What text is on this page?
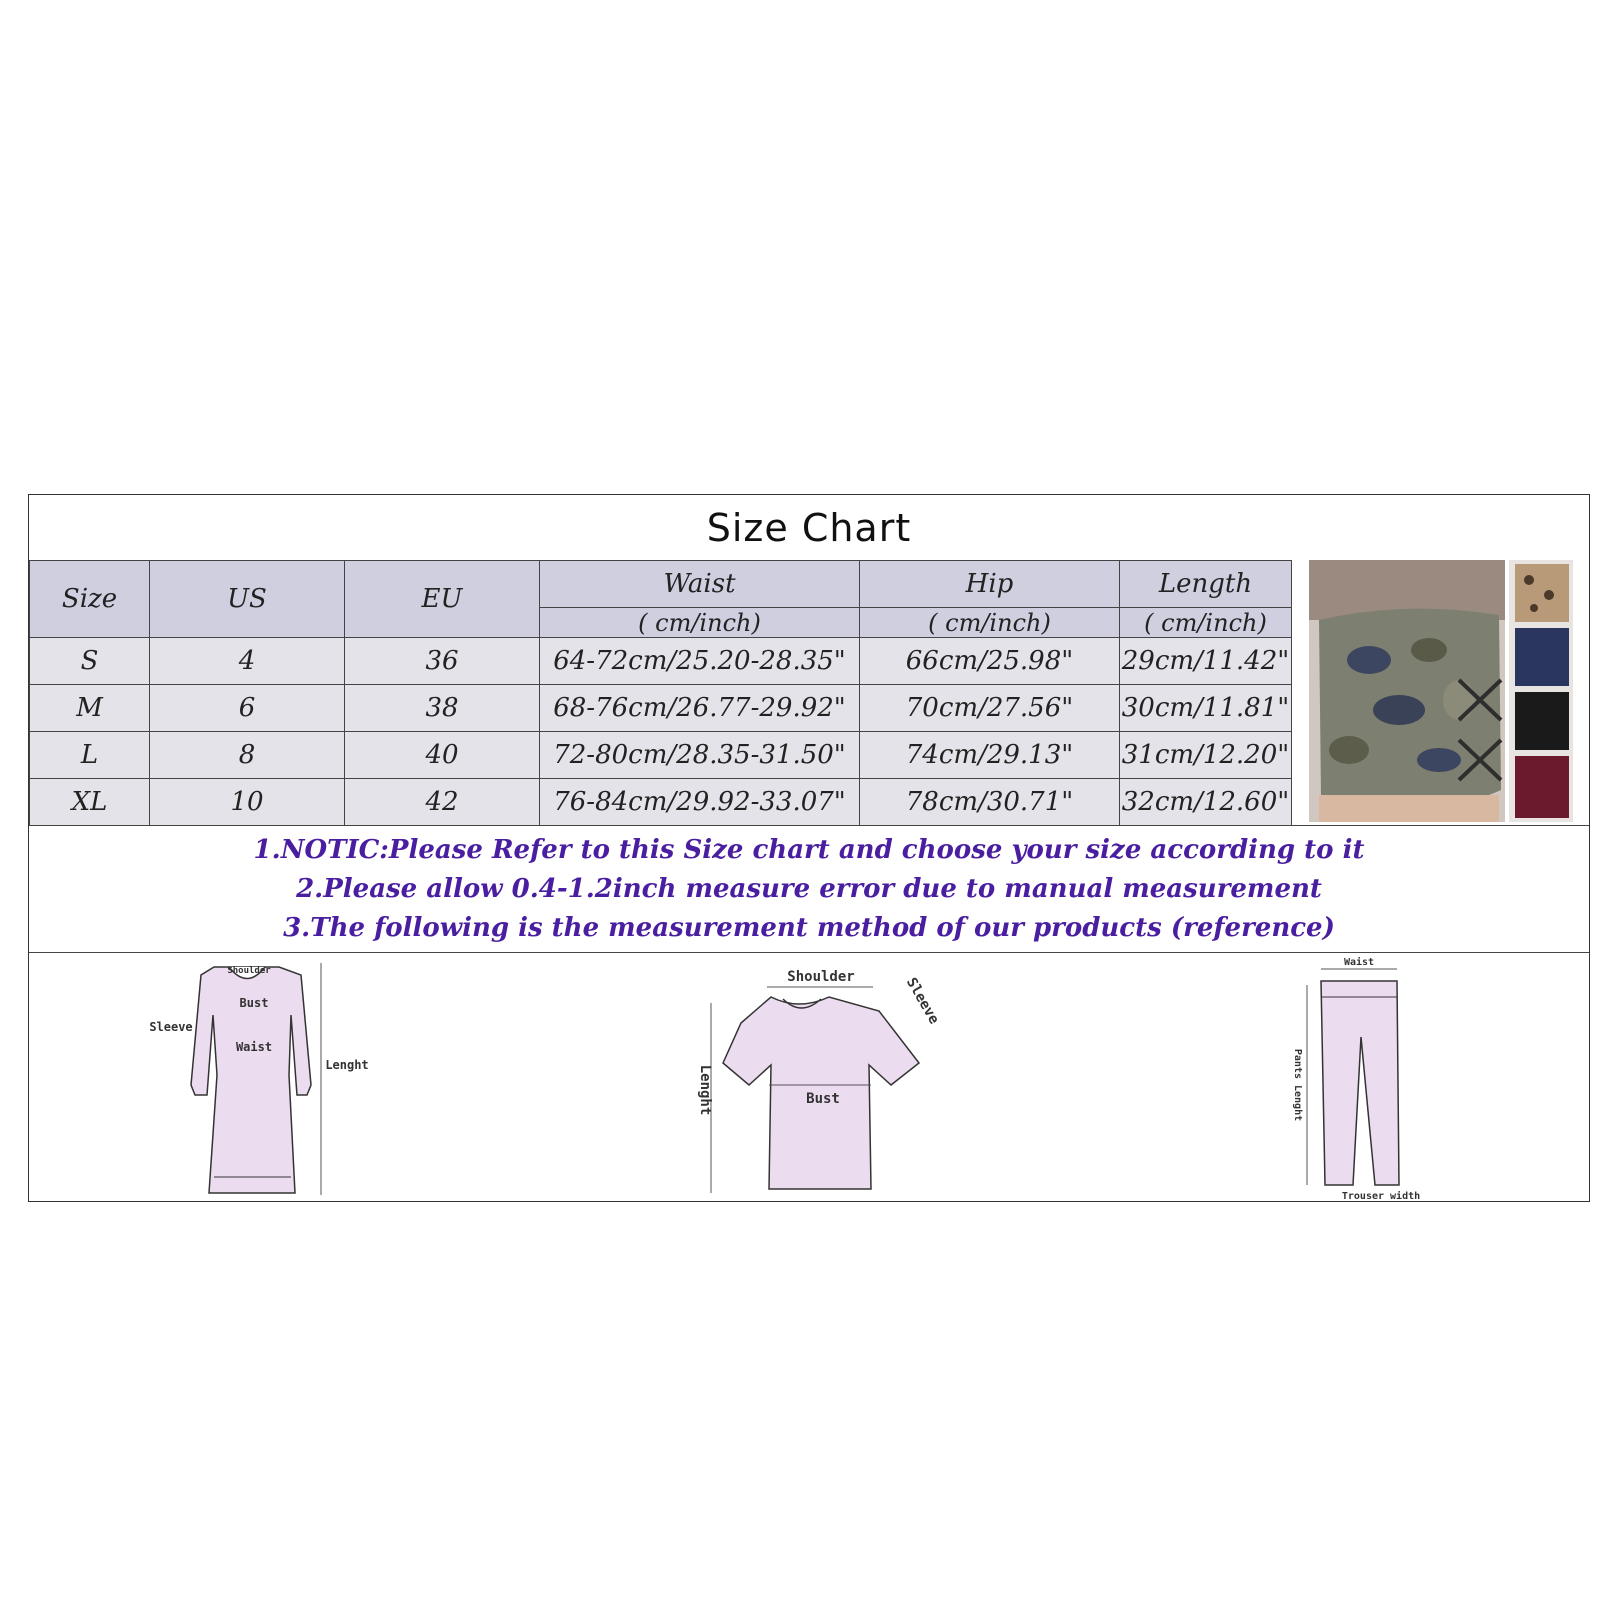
Size Chart
Size	US	EU	Waist	Hip	Length
			( cm/inch)	( cm/inch)	( cm/inch)
S	4	36	64-72cm/25.20-28.35"	66cm/25.98"	29cm/11.42"
M	6	38	68-76cm/26.77-29.92"	70cm/27.56"	30cm/11.81"
L	8	40	72-80cm/28.35-31.50"	74cm/29.13"	31cm/12.20"
XL	10	42	76-84cm/29.92-33.07"	78cm/30.71"	32cm/12.60"
1.NOTIC:Please Refer to this Size chart and choose your size according to it
2.Please allow 0.4-1.2inch measure error due to manual measurement
3.The following is the measurement method of our products (reference)
Shoulder
Bust
Sleeve
Waist
Lenght
Shoulder	Sleeve
Lenght	Bust
Waist
Pants Lenght
Trouser width
